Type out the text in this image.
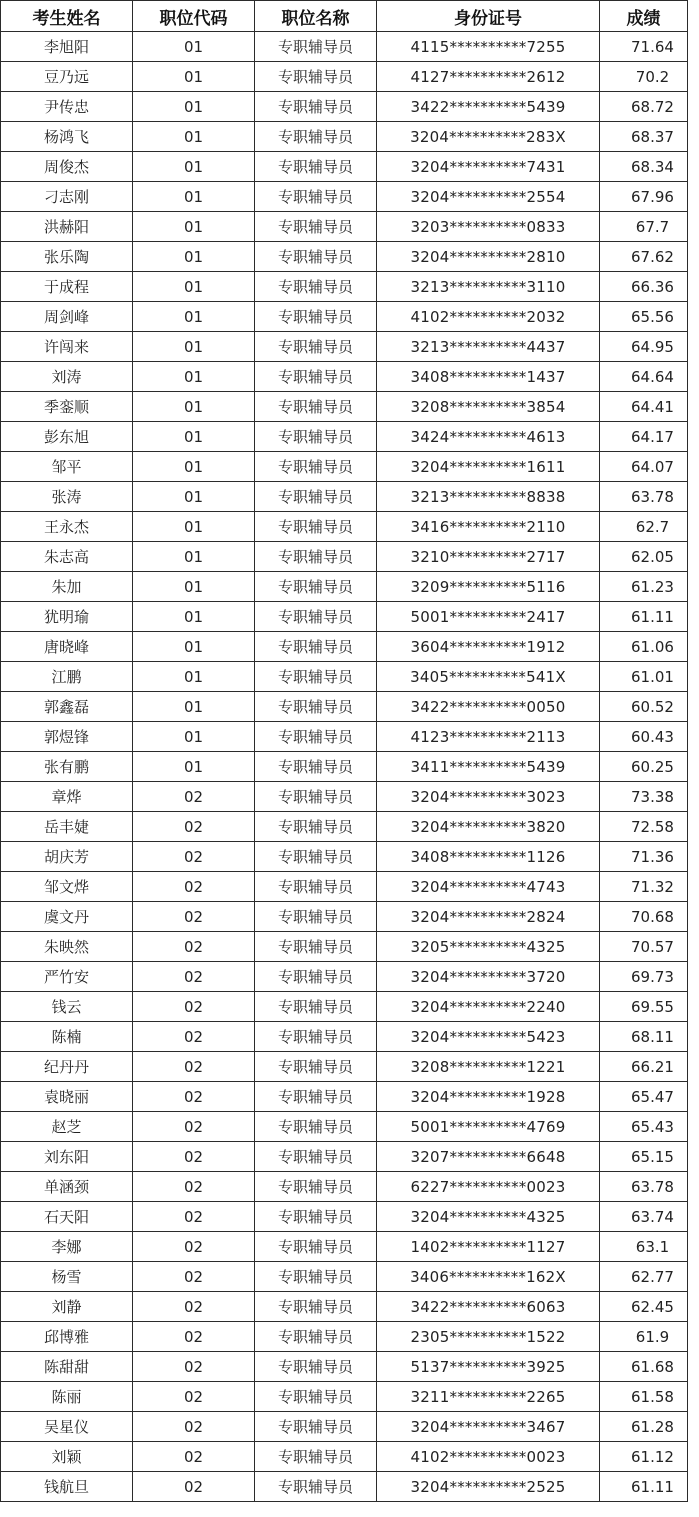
考生姓名	职位代码	职位名称	身份证号	成绩
李旭阳	01	专职辅导员	4115**********7255	71.64
豆乃远	01	专职辅导员	4127**********2612	70.2
尹传忠	01	专职辅导员	3422**********5439	68.72
杨鸿飞	01	专职辅导员	3204**********283X	68.37
周俊杰	01	专职辅导员	3204**********7431	68.34
刁志刚	01	专职辅导员	3204**********2554	67.96
洪赫阳	01	专职辅导员	3203**********0833	67.7
张乐陶	01	专职辅导员	3204**********2810	67.62
于成程	01	专职辅导员	3213**********3110	66.36
周剑峰	01	专职辅导员	4102**********2032	65.56
许闯来	01	专职辅导员	3213**********4437	64.95
刘涛	01	专职辅导员	3408**********1437	64.64
季銮顺	01	专职辅导员	3208**********3854	64.41
彭东旭	01	专职辅导员	3424**********4613	64.17
邹平	01	专职辅导员	3204**********1611	64.07
张涛	01	专职辅导员	3213**********8838	63.78
王永杰	01	专职辅导员	3416**********2110	62.7
朱志高	01	专职辅导员	3210**********2717	62.05
朱加	01	专职辅导员	3209**********5116	61.23
犹明瑜	01	专职辅导员	5001**********2417	61.11
唐晓峰	01	专职辅导员	3604**********1912	61.06
江鹏	01	专职辅导员	3405**********541X	61.01
郭鑫磊	01	专职辅导员	3422**********0050	60.52
郭煜锋	01	专职辅导员	4123**********2113	60.43
张有鹏	01	专职辅导员	3411**********5439	60.25
章烨	02	专职辅导员	3204**********3023	73.38
岳丰婕	02	专职辅导员	3204**********3820	72.58
胡庆芳	02	专职辅导员	3408**********1126	71.36
邹文烨	02	专职辅导员	3204**********4743	71.32
虞文丹	02	专职辅导员	3204**********2824	70.68
朱映然	02	专职辅导员	3205**********4325	70.57
严竹安	02	专职辅导员	3204**********3720	69.73
钱云	02	专职辅导员	3204**********2240	69.55
陈楠	02	专职辅导员	3204**********5423	68.11
纪丹丹	02	专职辅导员	3208**********1221	66.21
袁晓丽	02	专职辅导员	3204**********1928	65.47
赵芝	02	专职辅导员	5001**********4769	65.43
刘东阳	02	专职辅导员	3207**********6648	65.15
单涵颈	02	专职辅导员	6227**********0023	63.78
石天阳	02	专职辅导员	3204**********4325	63.74
李娜	02	专职辅导员	1402**********1127	63.1
杨雪	02	专职辅导员	3406**********162X	62.77
刘静	02	专职辅导员	3422**********6063	62.45
邱博雅	02	专职辅导员	2305**********1522	61.9
陈甜甜	02	专职辅导员	5137**********3925	61.68
陈丽	02	专职辅导员	3211**********2265	61.58
吴星仪	02	专职辅导员	3204**********3467	61.28
刘颖	02	专职辅导员	4102**********0023	61.12
钱航旦	02	专职辅导员	3204**********2525	61.11
